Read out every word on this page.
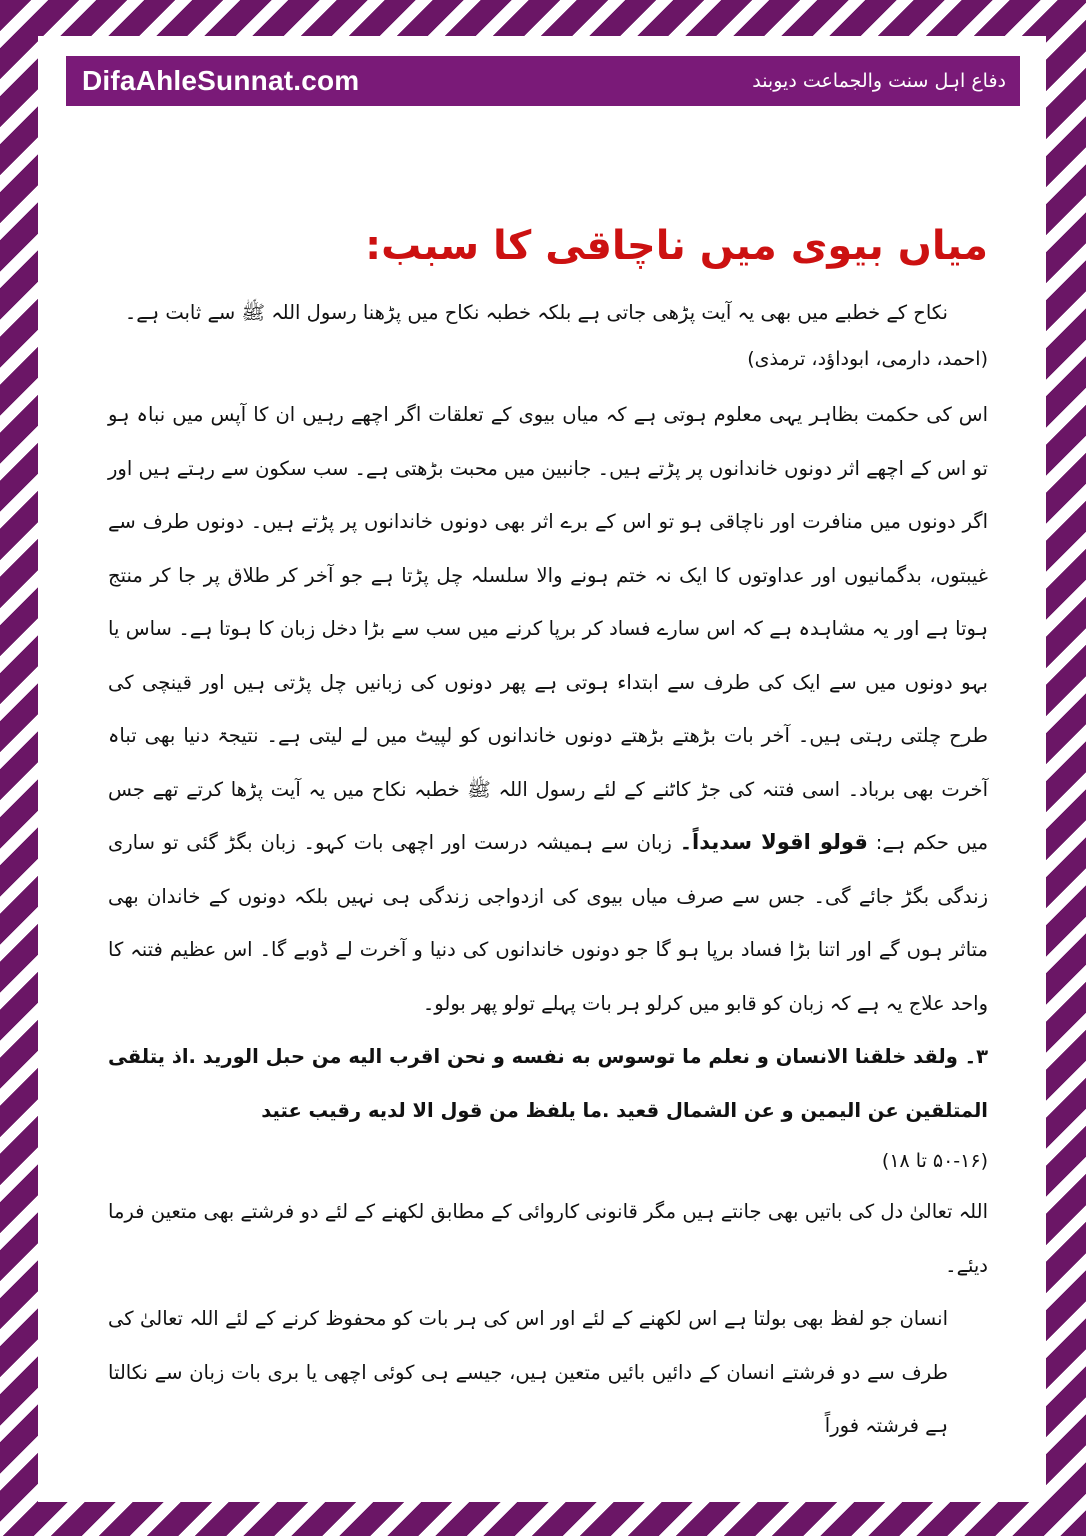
DifaAhleSunnat.com	دفاع اہل سنت والجماعت دیوبند
میاں بیوی میں ناچاقی کا سبب:

نکاح کے خطبے میں بھی یہ آیت پڑھی جاتی ہے بلکہ خطبہ نکاح میں پڑھنا رسول اللہ ﷺ سے ثابت ہے۔

(احمد، دارمی، ابوداؤد، ترمذی)

اس کی حکمت بظاہر یہی معلوم ہوتی ہے کہ میاں بیوی کے تعلقات اگر اچھے رہیں ان کا آپس میں نباہ ہو تو اس کے اچھے اثر دونوں خاندانوں پر پڑتے ہیں۔ جانبین میں محبت بڑھتی ہے۔ سب سکون سے رہتے ہیں اور اگر دونوں میں منافرت اور ناچاقی ہو تو اس کے برے اثر بھی دونوں خاندانوں پر پڑتے ہیں۔ دونوں طرف سے غیبتوں، بدگمانیوں اور عداوتوں کا ایک نہ ختم ہونے والا سلسلہ چل پڑتا ہے جو آخر کر طلاق پر جا کر منتج ہوتا ہے اور یہ مشاہدہ ہے کہ اس سارے فساد کر برپا کرنے میں سب سے بڑا دخل زبان کا ہوتا ہے۔ ساس یا بہو دونوں میں سے ایک کی طرف سے ابتداء ہوتی ہے پھر دونوں کی زبانیں چل پڑتی ہیں اور قینچی کی طرح چلتی رہتی ہیں۔ آخر بات بڑھتے بڑھتے دونوں خاندانوں کو لپیٹ میں لے لیتی ہے۔ نتیجۃ دنیا بھی تباہ آخرت بھی برباد۔ اسی فتنہ کی جڑ کاٹنے کے لئے رسول اللہ ﷺ خطبہ نکاح میں یہ آیت پڑھا کرتے تھے جس میں حکم ہے: قولو اقولا سدیداً۔ زبان سے ہمیشہ درست اور اچھی بات کہو۔ زبان بگڑ گئی تو ساری زندگی بگڑ جائے گی۔ جس سے صرف میاں بیوی کی ازدواجی زندگی ہی نہیں بلکہ دونوں کے خاندان بھی متاثر ہوں گے اور اتنا بڑا فساد برپا ہو گا جو دونوں خاندانوں کی دنیا و آخرت لے ڈوبے گا۔ اس عظیم فتنہ کا واحد علاج یہ ہے کہ زبان کو قابو میں کرلو ہر بات پہلے تولو پھر بولو۔

۳۔ ولقد خلقنا الانسان و نعلم ما توسوس به نفسه و نحن اقرب اليه من حبل الوريد .اذ يتلقى المتلقين عن اليمين و عن الشمال قعيد .ما يلفظ من قول الا لديه رقيب عتيد

(۵۰-۱۶ تا ۱۸)

اللہ تعالیٰ دل کی باتیں بھی جانتے ہیں مگر قانونی کاروائی کے مطابق لکھنے کے لئے دو فرشتے بھی متعین فرما دیئے۔

انسان جو لفظ بھی بولتا ہے اس لکھنے کے لئے اور اس کی ہر بات کو محفوظ کرنے کے لئے اللہ تعالیٰ کی طرف سے دو فرشتے انسان کے دائیں بائیں متعین ہیں، جیسے ہی کوئی اچھی یا بری بات زبان سے نکالتا ہے فرشتہ فوراً
